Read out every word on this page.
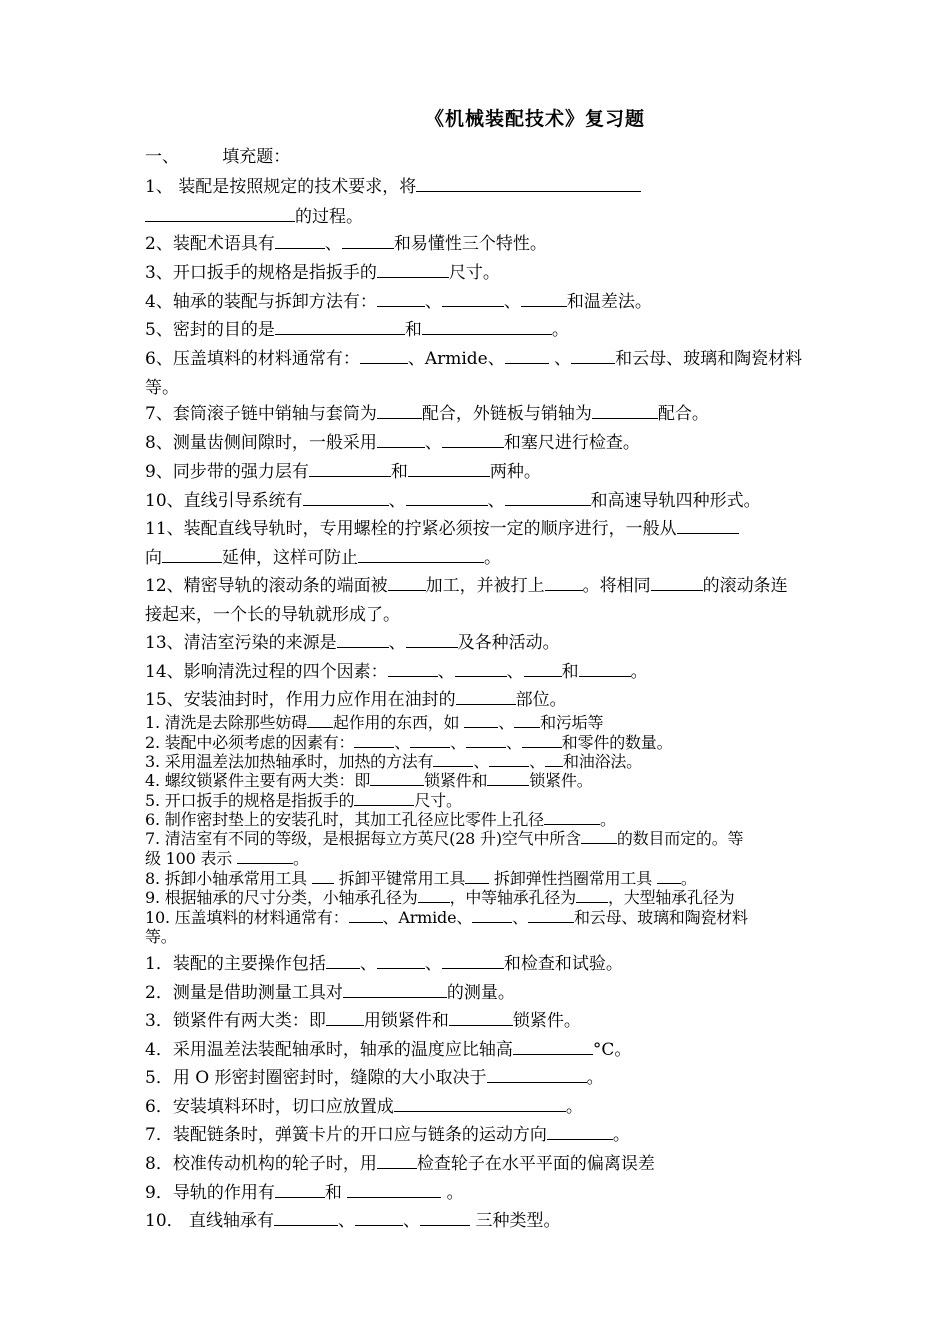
《机械装配技术》复习题
一、        填充题：
1、 装配是按照规定的技术要求，将
的过程。
2、装配术语具有	、	和易懂性三个特性。
3、开口扳手的规格是指扳手的	尺寸。
4、轴承的装配与拆卸方法有：	、	、	和温差法。
5、密封的目的是	和	。
6、压盖填料的材料通常有：	、Armide、	、	和云母、玻璃和陶瓷材料
等。
7、套筒滚子链中销轴与套筒为	配合，外链板与销轴为	配合。
8、测量齿侧间隙时，一般采用	、	和塞尺进行检查。
9、同步带的强力层有	和	两种。
10、直线引导系统有	、	、	和高速导轨四种形式。
11、装配直线导轨时，专用螺栓的拧紧必须按一定的顺序进行，一般从
向	延伸，这样可防止	。
12、精密导轨的滚动条的端面被 加工，并被打上 。将相同	的滚动条连
接起来，一个长的导轨就形成了。
13、清洁室污染的来源是	、	及各种活动。
14、影响清洗过程的四个因素：	、	、 和	。
15、安装油封时，作用力应作用在油封的	部位。
1. 清洗是去除那些妨碍 起作用的东西，如 、 和污垢等
2. 装配中必须考虑的因素有：	、	、	、	和零件的数量。
3. 采用温差法加热轴承时，加热的方法有	、	、 和油浴法。
4. 螺纹锁紧件主要有两大类：即	锁紧件和	锁紧件。
5. 开口扳手的规格是指扳手的	尺寸。
6. 制作密封垫上的安装孔时，其加工孔径应比零件上孔径	。
7. 清洁室有不同的等级，是根据每立方英尺(28 升)空气中所含 的数目而定的。等
级 100 表示	。
8. 拆卸小轴承常用工具  拆卸平键常用工具 拆卸弹性挡圈常用工具 。
9. 根据轴承的尺寸分类，小轴承孔径为 ，中等轴承孔径为 ，大型轴承孔径为
10. 压盖填料的材料通常有： 、Armide、	、	和云母、玻璃和陶瓷材料
等。
1．装配的主要操作包括 、	、	和检查和试验。
2．测量是借助测量工具对	的测量。
3．锁紧件有两大类：即 用锁紧件和	锁紧件。
4．采用温差法装配轴承时，轴承的温度应比轴高	°C。
5．用 O 形密封圈密封时，缝隙的大小取决于	。
6．安装填料环时，切口应放置成	。
7．装配链条时，弹簧卡片的开口应与链条的运动方向	。
8．校准传动机构的轮子时，用 检查轮子在水平平面的偏离误差
9．导轨的作用有	和	。
10． 直线轴承有	、	、	三种类型。
